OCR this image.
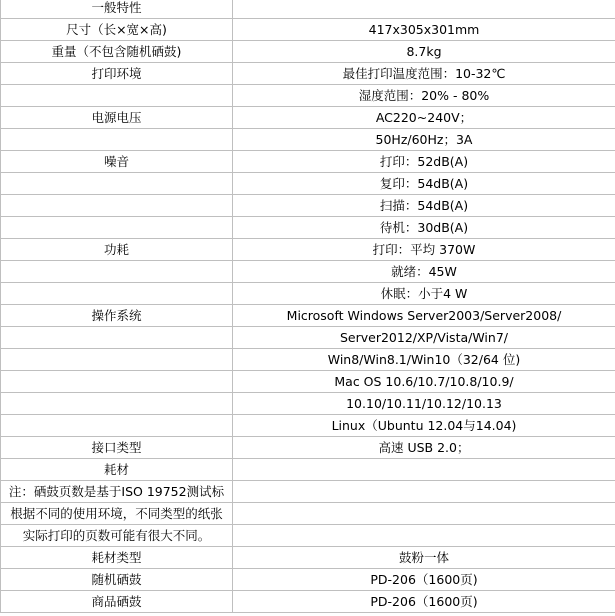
一般特性	
尺寸（长×宽×高)	417x305x301mm
重量（不包含随机硒鼓)	8.7kg
打印环境	最佳打印温度范围：10-32℃
	湿度范围：20% - 80%
电源电压	AC220~240V；
	50Hz/60Hz；3A
噪音	打印：52dB(A)
	复印：54dB(A)
	扫描：54dB(A)
	待机：30dB(A)
功耗	打印：平均 370W
	就绪：45W
	休眠：小于4 W
操作系统	Microsoft Windows Server2003/Server2008/
	Server2012/XP/Vista/Win7/
	Win8/Win8.1/Win10（32/64 位)
	Mac OS 10.6/10.7/10.8/10.9/
	10.10/10.11/10.12/10.13
	Linux（Ubuntu 12.04与14.04)
接口类型	高速 USB 2.0；
耗材	
注：硒鼓页数是基于ISO 19752测试标	
根据不同的使用环境，不同类型的纸张	
实际打印的页数可能有很大不同。	
耗材类型	鼓粉一体
随机硒鼓	PD-206（1600页)
商品硒鼓	PD-206（1600页)
